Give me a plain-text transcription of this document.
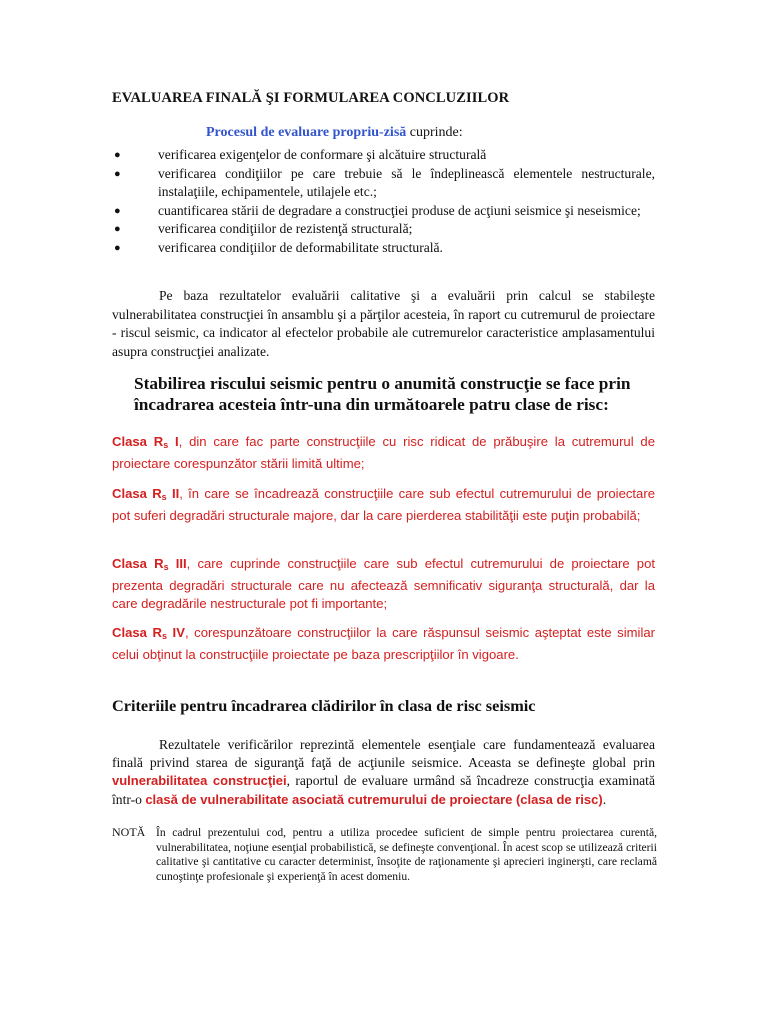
EVALUAREA FINALĂ ŞI FORMULAREA CONCLUZIILOR
Procesul de evaluare propriu-zisă cuprinde:
●	verificarea exigenţelor de conformare şi alcătuire structurală
●	verificarea condiţiilor pe care trebuie să le îndeplinească elementele nestructurale, instalaţiile, echipamentele, utilajele etc.;
●	cuantificarea stării de degradare a construcţiei produse de acţiuni seismice şi neseismice;
●	verificarea condiţiilor de rezistenţă structurală;
●	verificarea condiţiilor de deformabilitate structurală.
Pe baza rezultatelor evaluării calitative şi a evaluării prin calcul se stabileşte vulnerabilitatea construcţiei în ansamblu şi a părţilor acesteia, în raport cu cutremurul de proiectare - riscul seismic, ca indicator al efectelor probabile ale cutremurelor caracteristice amplasamentului asupra construcţiei analizate.
Stabilirea riscului seismic pentru o anumită construcţie se face prin încadrarea acesteia într-una din următoarele patru clase de risc:
Clasa $R_s$ I, din care fac parte construcţiile cu risc ridicat de prăbuşire la cutremurul de proiectare corespunzător stării limită ultime;
Clasa $R_s$ II, în care se încadrează construcţiile care sub efectul cutremurului de proiectare pot suferi degradări structurale majore, dar la care pierderea stabilităţii este puţin probabilă;
Clasa $R_s$ III, care cuprinde construcţiile care sub efectul cutremurului de proiectare pot prezenta degradări structurale care nu afectează semnificativ siguranţa structurală, dar la care degradările nestructurale pot fi importante;
Clasa $R_s$ IV, corespunzătoare construcţiilor la care răspunsul seismic aşteptat este similar celui obţinut la construcţiile proiectate pe baza prescripţiilor în vigoare.
Criteriile pentru încadrarea clădirilor în clasa de risc seismic
Rezultatele verificărilor reprezintă elementele esenţiale care fundamentează evaluarea finală privind starea de siguranţă faţă de acţiunile seismice. Aceasta se defineşte global prin vulnerabilitatea construcţiei, raportul de evaluare urmând să încadreze construcţia examinată într-o clasă de vulnerabilitate asociată cutremurului de proiectare (clasa de risc).
NOTĂ În cadrul prezentului cod, pentru a utiliza procedee suficient de simple pentru proiectarea curentă, vulnerabilitatea, noţiune esenţial probabilistică, se defineşte convenţional. În acest scop se utilizează criterii calitative şi cantitative cu caracter determinist, însoţite de raţionamente şi aprecieri inginerşti, care reclamă cunoştinţe profesionale şi experienţă în acest domeniu.
